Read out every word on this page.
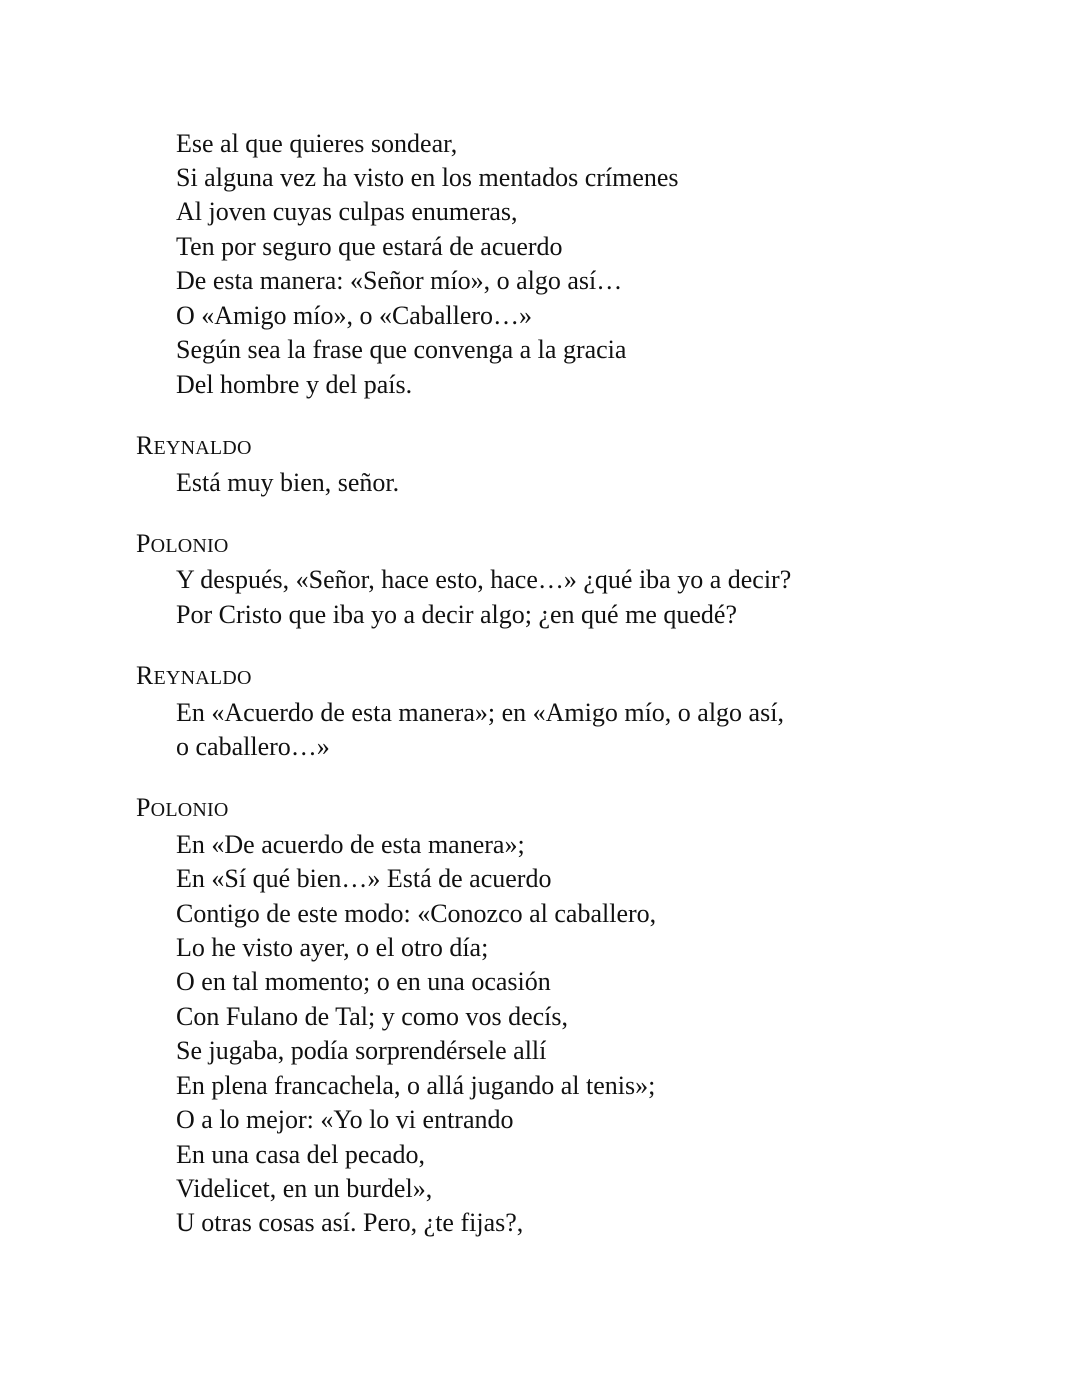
Ese al que quieres sondear,
Si alguna vez ha visto en los mentados crímenes
Al joven cuyas culpas enumeras,
Ten por seguro que estará de acuerdo
De esta manera: «Señor mío», o algo así…
O «Amigo mío», o «Caballero…»
Según sea la frase que convenga a la gracia
Del hombre y del país.
REYNALDO
Está muy bien, señor.
POLONIO
Y después, «Señor, hace esto, hace…» ¿qué iba yo a decir?
Por Cristo que iba yo a decir algo; ¿en qué me quedé?
REYNALDO
En «Acuerdo de esta manera»; en «Amigo mío, o algo así,
o caballero…»
POLONIO
En «De acuerdo de esta manera»;
En «Sí qué bien…» Está de acuerdo
Contigo de este modo: «Conozco al caballero,
Lo he visto ayer, o el otro día;
O en tal momento; o en una ocasión
Con Fulano de Tal; y como vos decís,
Se jugaba, podía sorprendérsele allí
En plena francachela, o allá jugando al tenis»;
O a lo mejor: «Yo lo vi entrando
En una casa del pecado,
Videlicet, en un burdel»,
U otras cosas así. Pero, ¿te fijas?,
